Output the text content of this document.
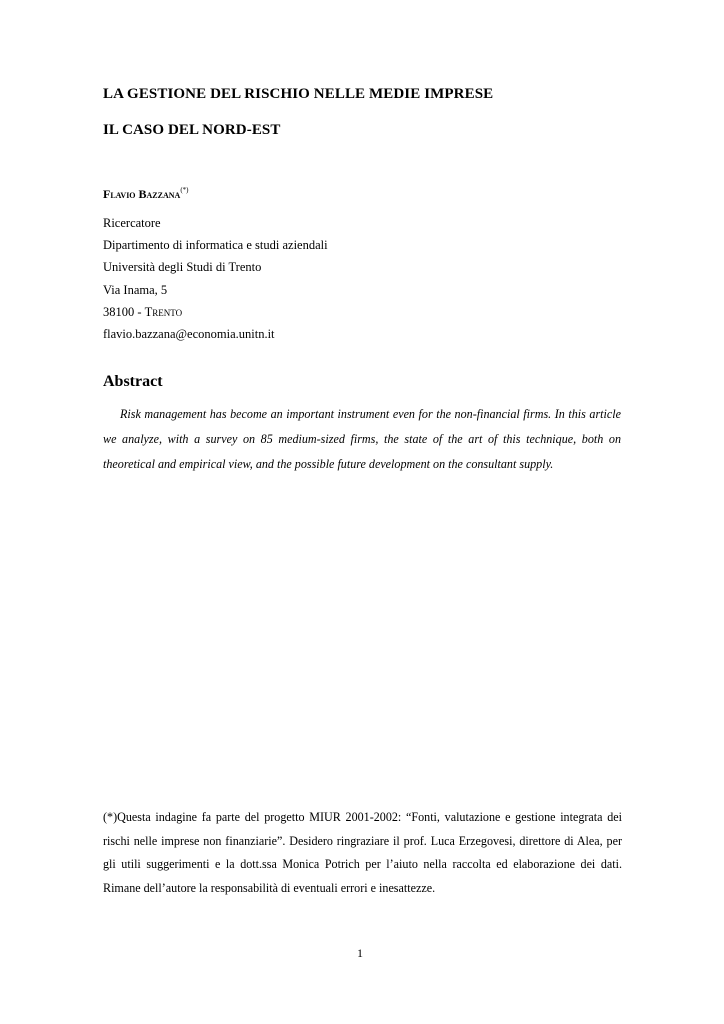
LA GESTIONE DEL RISCHIO NELLE MEDIE IMPRESE
IL CASO DEL NORD-EST
Flavio Bazzana(*)
Ricercatore
Dipartimento di informatica e studi aziendali
Università degli Studi di Trento
Via Inama, 5
38100 - Trento
flavio.bazzana@economia.unitn.it
Abstract
Risk management has become an important instrument even for the non-financial firms. In this article we analyze, with a survey on 85 medium-sized firms, the state of the art of this technique, both on theoretical and empirical view, and the possible future development on the consultant supply.
(*)Questa indagine fa parte del progetto MIUR 2001-2002: “Fonti, valutazione e gestione integrata dei rischi nelle imprese non finanziarie”. Desidero ringraziare il prof. Luca Erzegovesi, direttore di Alea, per gli utili suggerimenti e la dott.ssa Monica Potrich per l’aiuto nella raccolta ed elaborazione dei dati. Rimane dell’autore la responsabilità di eventuali errori e inesattezze.
1
